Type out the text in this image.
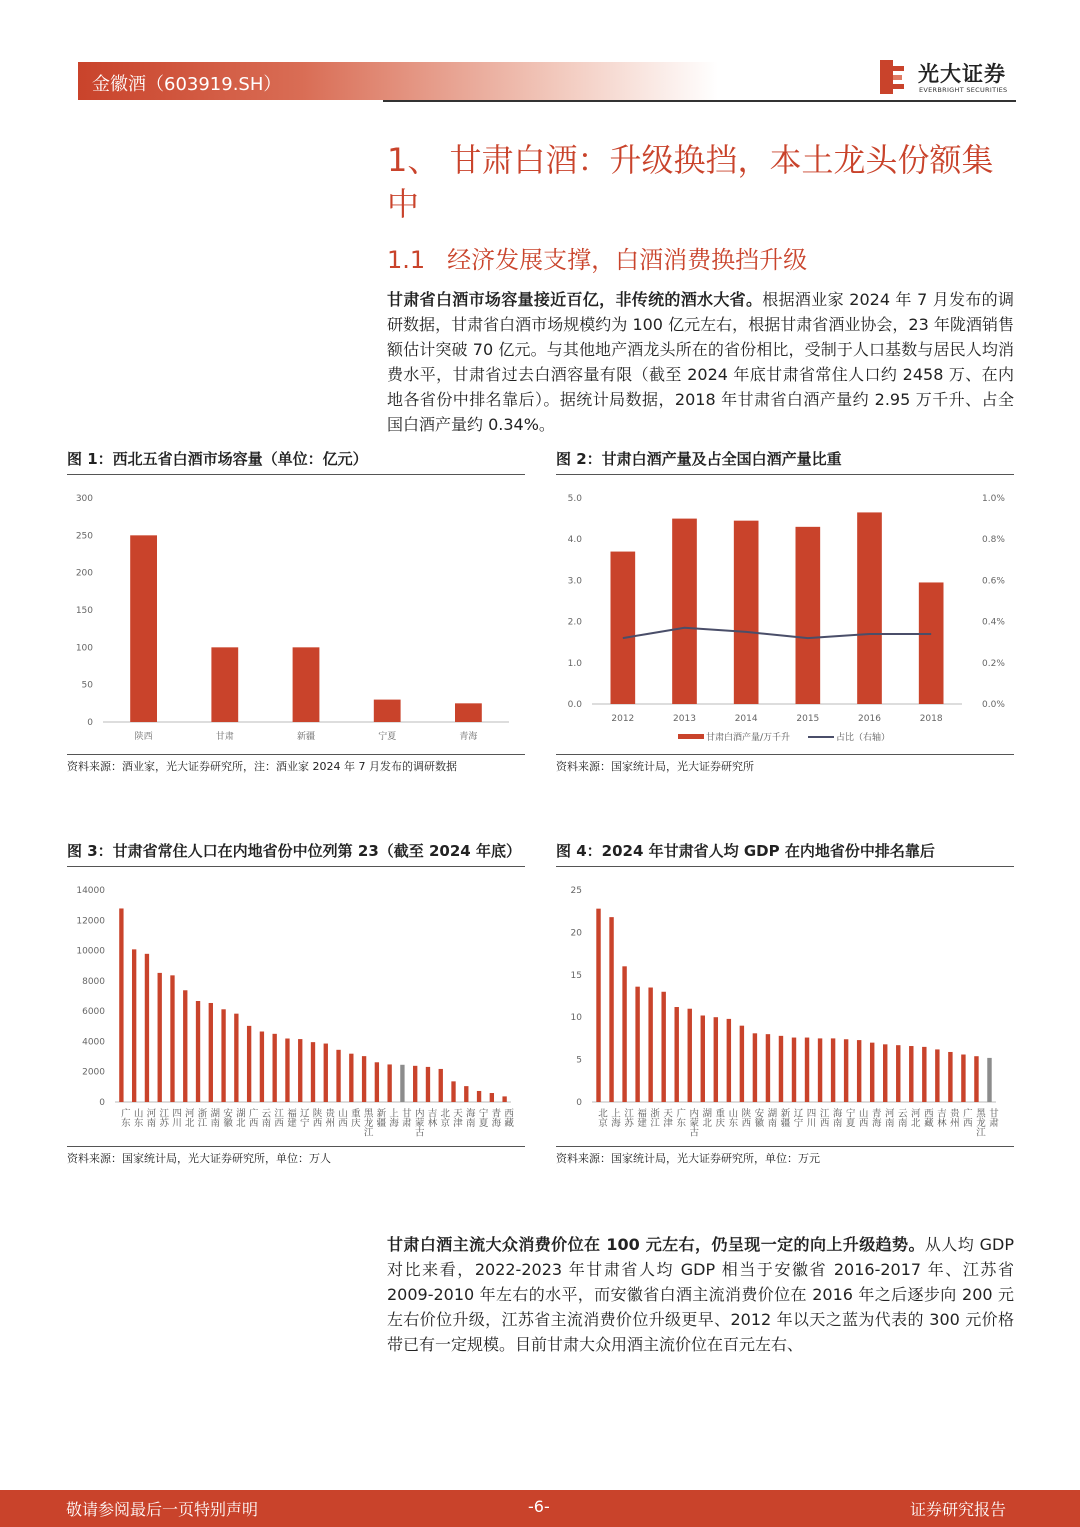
金徽酒（603919.SH）	光大证券
EVERBRIGHT SECURITIES
1、 甘肃白酒：升级换挡，本土龙头份额集中
1.1 经济发展支撑，白酒消费换挡升级
甘肃省白酒市场容量接近百亿，非传统的酒水大省。根据酒业家 2024 年 7 月发布的调研数据，甘肃省白酒市场规模约为 100 亿元左右，根据甘肃省酒业协会，23 年陇酒销售额估计突破 70 亿元。与其他地产酒龙头所在的省份相比，受制于人口基数与居民人均消费水平，甘肃省过去白酒容量有限（截至 2024 年底甘肃省常住人口约 2458 万、在内地各省份中排名靠后）。据统计局数据，2018 年甘肃省白酒产量约 2.95 万千升、占全国白酒产量约 0.34%。
图 1：西北五省白酒市场容量（单位：亿元）
300
250
200
150
100
50
0
陕西	甘肃	新疆	宁夏	青海
资料来源：酒业家，光大证券研究所，注：酒业家 2024 年 7 月发布的调研数据
图 2：甘肃白酒产量及占全国白酒产量比重
5.0
4.0
3.0
2.0
1.0
0.0
1.0%
0.8%
0.6%
0.4%
0.2%
0.0%
2012	2013	2014	2015	2016	2018
甘肃白酒产量/万千升	占比（右轴）
资料来源：国家统计局，光大证券研究所
图 3：甘肃省常住人口在内地省份中位列第 23（截至 2024 年底）
14000
12000
10000
8000
6000
4000
2000
0
广东 山东 河南 江苏 四川 河北 浙江 湖南 安徽 湖北 广西 云南 江西 福建 辽宁 陕西 贵州 山西 重庆 黑龙江 新疆 上海 甘肃 内蒙古 吉林 北京 天津 海南 宁夏 青海 西藏
资料来源：国家统计局，光大证券研究所，单位：万人
图 4：2024 年甘肃省人均 GDP 在内地省份中排名靠后
25
20
15
10
5
0
北京 上海 江苏 福建 浙江 天津 广东 内蒙古 湖北 重庆 山东 陕西 安徽 湖南 新疆 辽宁 四川 江西 海南 宁夏 山西 青海 河南 云南 河北 西藏 吉林 贵州 广西 黑龙江 甘肃
资料来源：国家统计局，光大证券研究所，单位：万元
甘肃白酒主流大众消费价位在 100 元左右，仍呈现一定的向上升级趋势。从人均 GDP 对比来看，2022-2023 年甘肃省人均 GDP 相当于安徽省 2016-2017 年、江苏省 2009-2010 年左右的水平，而安徽省白酒主流消费价位在 2016 年之后逐步向 200 元左右价位升级，江苏省主流消费价位升级更早、2012 年以天之蓝为代表的 300 元价格带已有一定规模。目前甘肃大众用酒主流价位在百元左右、
敬请参阅最后一页特别声明	-6-	证券研究报告
